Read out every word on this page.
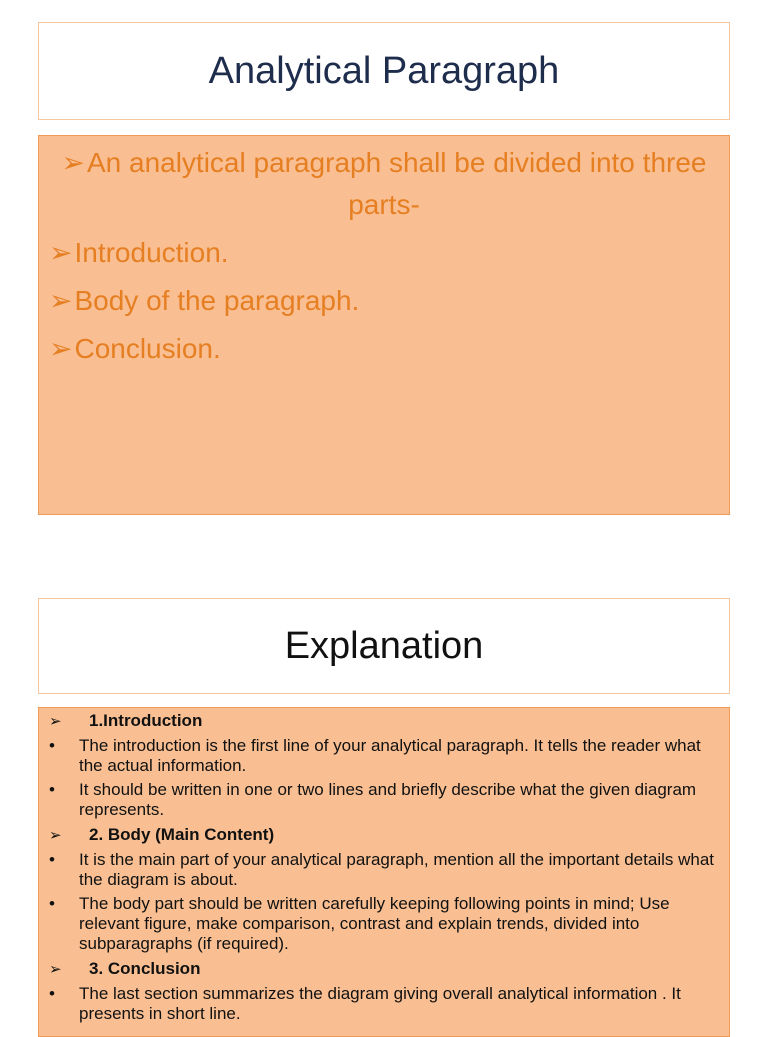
Analytical Paragraph
➢An analytical paragraph shall be divided into three parts-
➢Introduction.
➢Body of the paragraph.
➢Conclusion.
Explanation
➢	1.Introduction
•	The introduction is the first line of your analytical paragraph. It tells the reader what the actual information.
•	It should be written in one or two lines and briefly describe what the given diagram represents.
➢	2. Body (Main Content)
•	It is the main part of your analytical paragraph, mention all the important details what the diagram is about.
•	The body part should be written carefully keeping following points in mind; Use relevant figure, make comparison, contrast and explain trends, divided into subparagraphs (if required).
➢	3. Conclusion
•	The last section summarizes the diagram giving overall analytical information . It presents in short line.
